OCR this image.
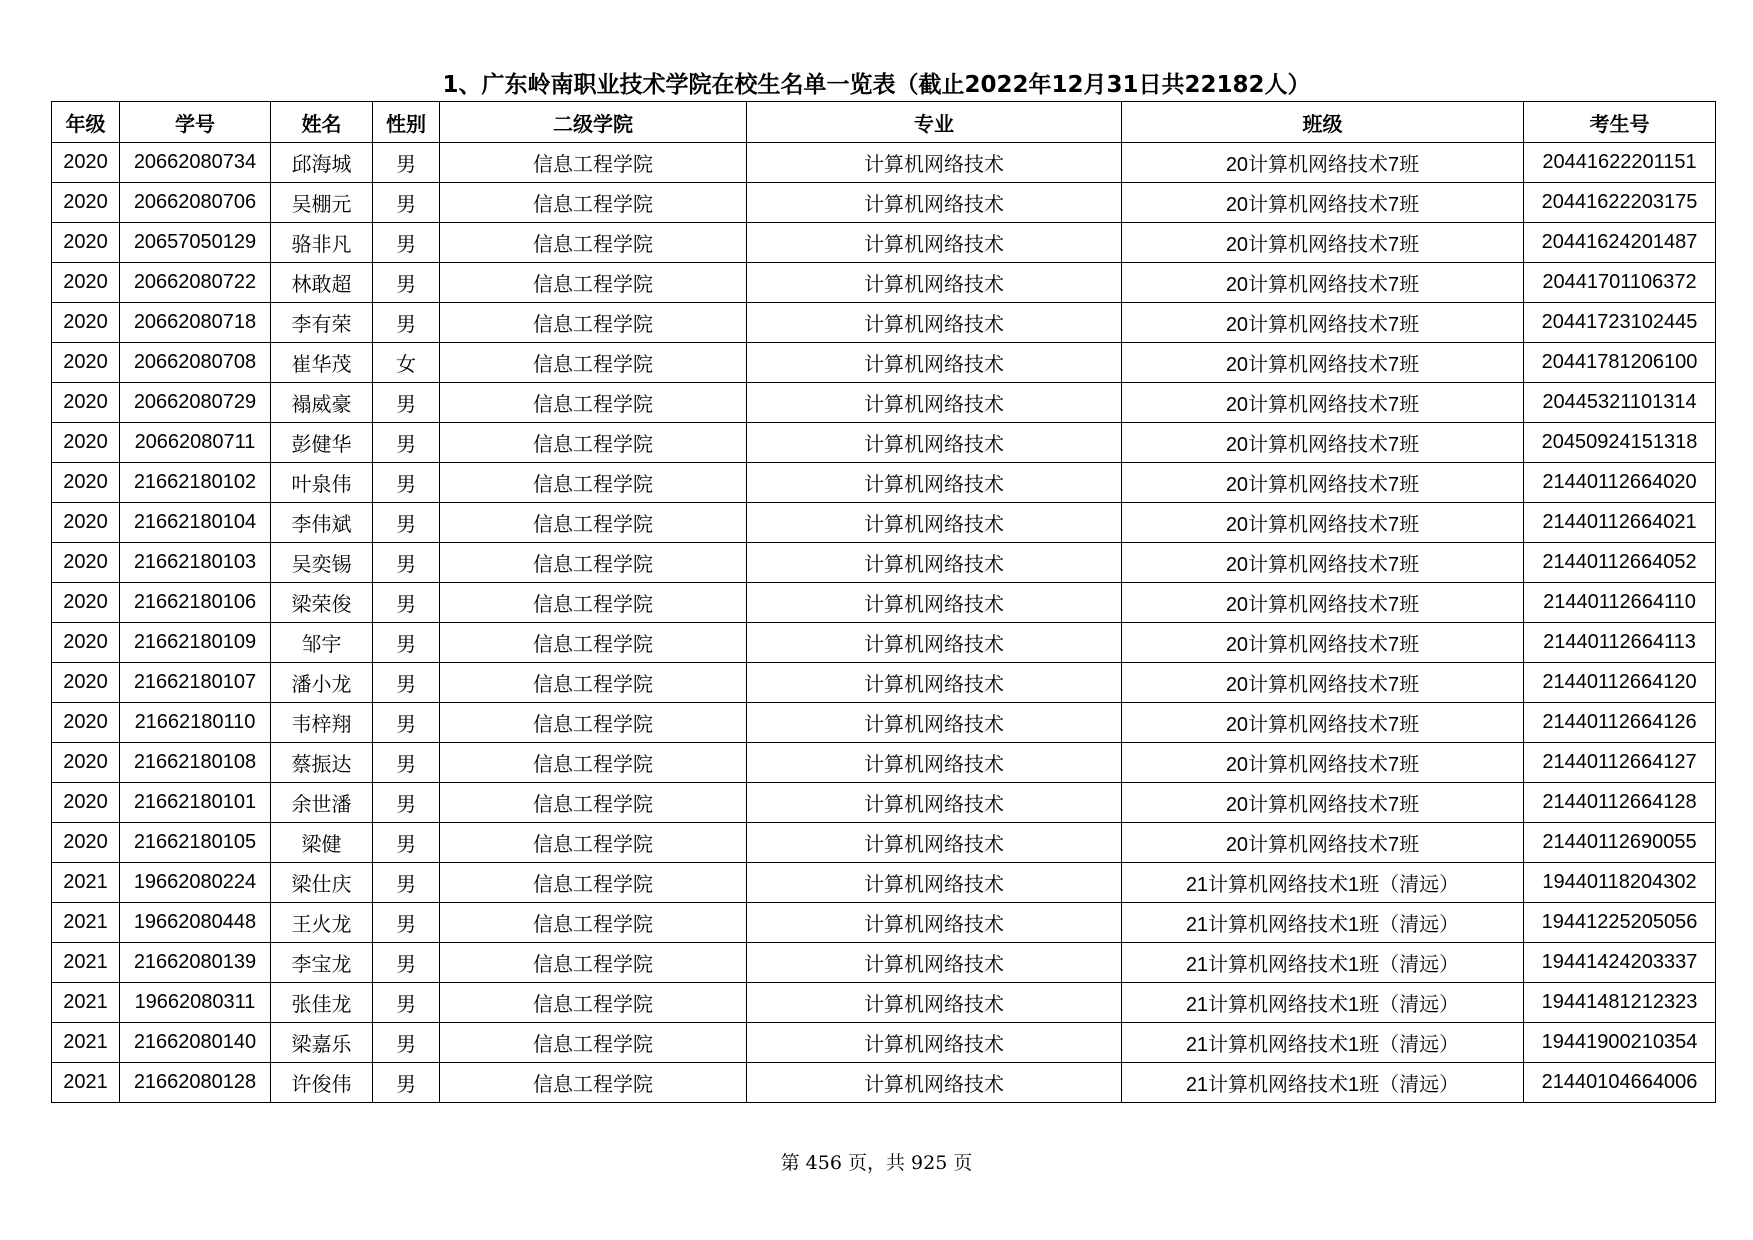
1、广东岭南职业技术学院在校生名单一览表（截止2022年12月31日共22182人）
年级	学号	姓名	性别	二级学院	专业	班级	考生号
2020	20662080734	邱海城	男	信息工程学院	计算机网络技术	20计算机网络技术7班	20441622201151
2020	20662080706	吴棚元	男	信息工程学院	计算机网络技术	20计算机网络技术7班	20441622203175
2020	20657050129	骆非凡	男	信息工程学院	计算机网络技术	20计算机网络技术7班	20441624201487
2020	20662080722	林敢超	男	信息工程学院	计算机网络技术	20计算机网络技术7班	20441701106372
2020	20662080718	李有荣	男	信息工程学院	计算机网络技术	20计算机网络技术7班	20441723102445
2020	20662080708	崔华茂	女	信息工程学院	计算机网络技术	20计算机网络技术7班	20441781206100
2020	20662080729	褟威豪	男	信息工程学院	计算机网络技术	20计算机网络技术7班	20445321101314
2020	20662080711	彭健华	男	信息工程学院	计算机网络技术	20计算机网络技术7班	20450924151318
2020	21662180102	叶泉伟	男	信息工程学院	计算机网络技术	20计算机网络技术7班	21440112664020
2020	21662180104	李伟斌	男	信息工程学院	计算机网络技术	20计算机网络技术7班	21440112664021
2020	21662180103	吴奕锡	男	信息工程学院	计算机网络技术	20计算机网络技术7班	21440112664052
2020	21662180106	梁荣俊	男	信息工程学院	计算机网络技术	20计算机网络技术7班	21440112664110
2020	21662180109	邹宇	男	信息工程学院	计算机网络技术	20计算机网络技术7班	21440112664113
2020	21662180107	潘小龙	男	信息工程学院	计算机网络技术	20计算机网络技术7班	21440112664120
2020	21662180110	韦梓翔	男	信息工程学院	计算机网络技术	20计算机网络技术7班	21440112664126
2020	21662180108	蔡振达	男	信息工程学院	计算机网络技术	20计算机网络技术7班	21440112664127
2020	21662180101	余世潘	男	信息工程学院	计算机网络技术	20计算机网络技术7班	21440112664128
2020	21662180105	梁健	男	信息工程学院	计算机网络技术	20计算机网络技术7班	21440112690055
2021	19662080224	梁仕庆	男	信息工程学院	计算机网络技术	21计算机网络技术1班（清远）	19440118204302
2021	19662080448	王火龙	男	信息工程学院	计算机网络技术	21计算机网络技术1班（清远）	19441225205056
2021	21662080139	李宝龙	男	信息工程学院	计算机网络技术	21计算机网络技术1班（清远）	19441424203337
2021	19662080311	张佳龙	男	信息工程学院	计算机网络技术	21计算机网络技术1班（清远）	19441481212323
2021	21662080140	梁嘉乐	男	信息工程学院	计算机网络技术	21计算机网络技术1班（清远）	19441900210354
2021	21662080128	许俊伟	男	信息工程学院	计算机网络技术	21计算机网络技术1班（清远）	21440104664006
第 456 页，共 925 页
